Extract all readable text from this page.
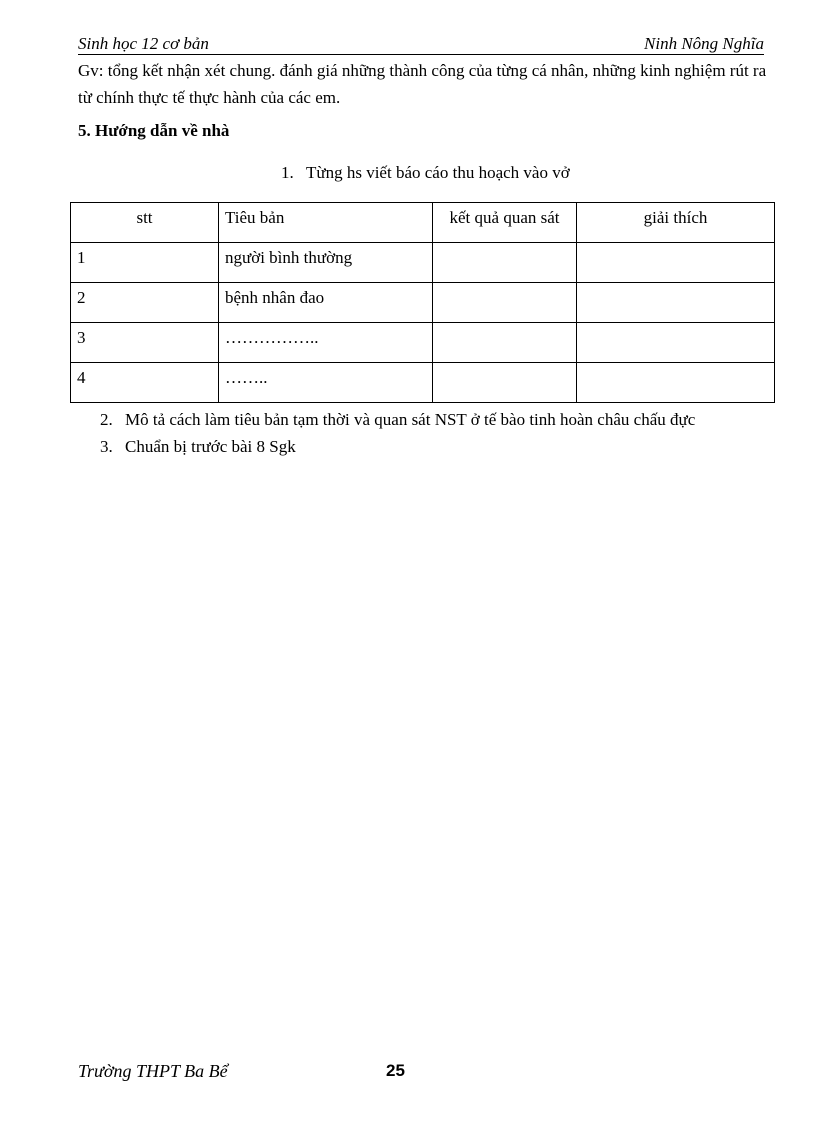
Sinh học 12 cơ bản	Ninh Nông Nghĩa
Gv: tổng kết nhận xét chung. đánh giá những thành công của từng cá nhân, những kinh nghiệm rút ra từ chính thực tế thực hành của các em.
5. Hướng dẫn về nhà
1. Từng hs viết báo cáo thu hoạch vào vở
stt	Tiêu bản	kết quả quan sát	giải thích
1	người bình thường		
2	bệnh nhân đao		
3	……………..		
4	……..		
2. Mô tả cách làm tiêu bản tạm thời và quan sát NST ở tế bào tinh hoàn châu chấu đực
3. Chuẩn bị trước bài 8 Sgk
Trường THPT Ba Bể	25
